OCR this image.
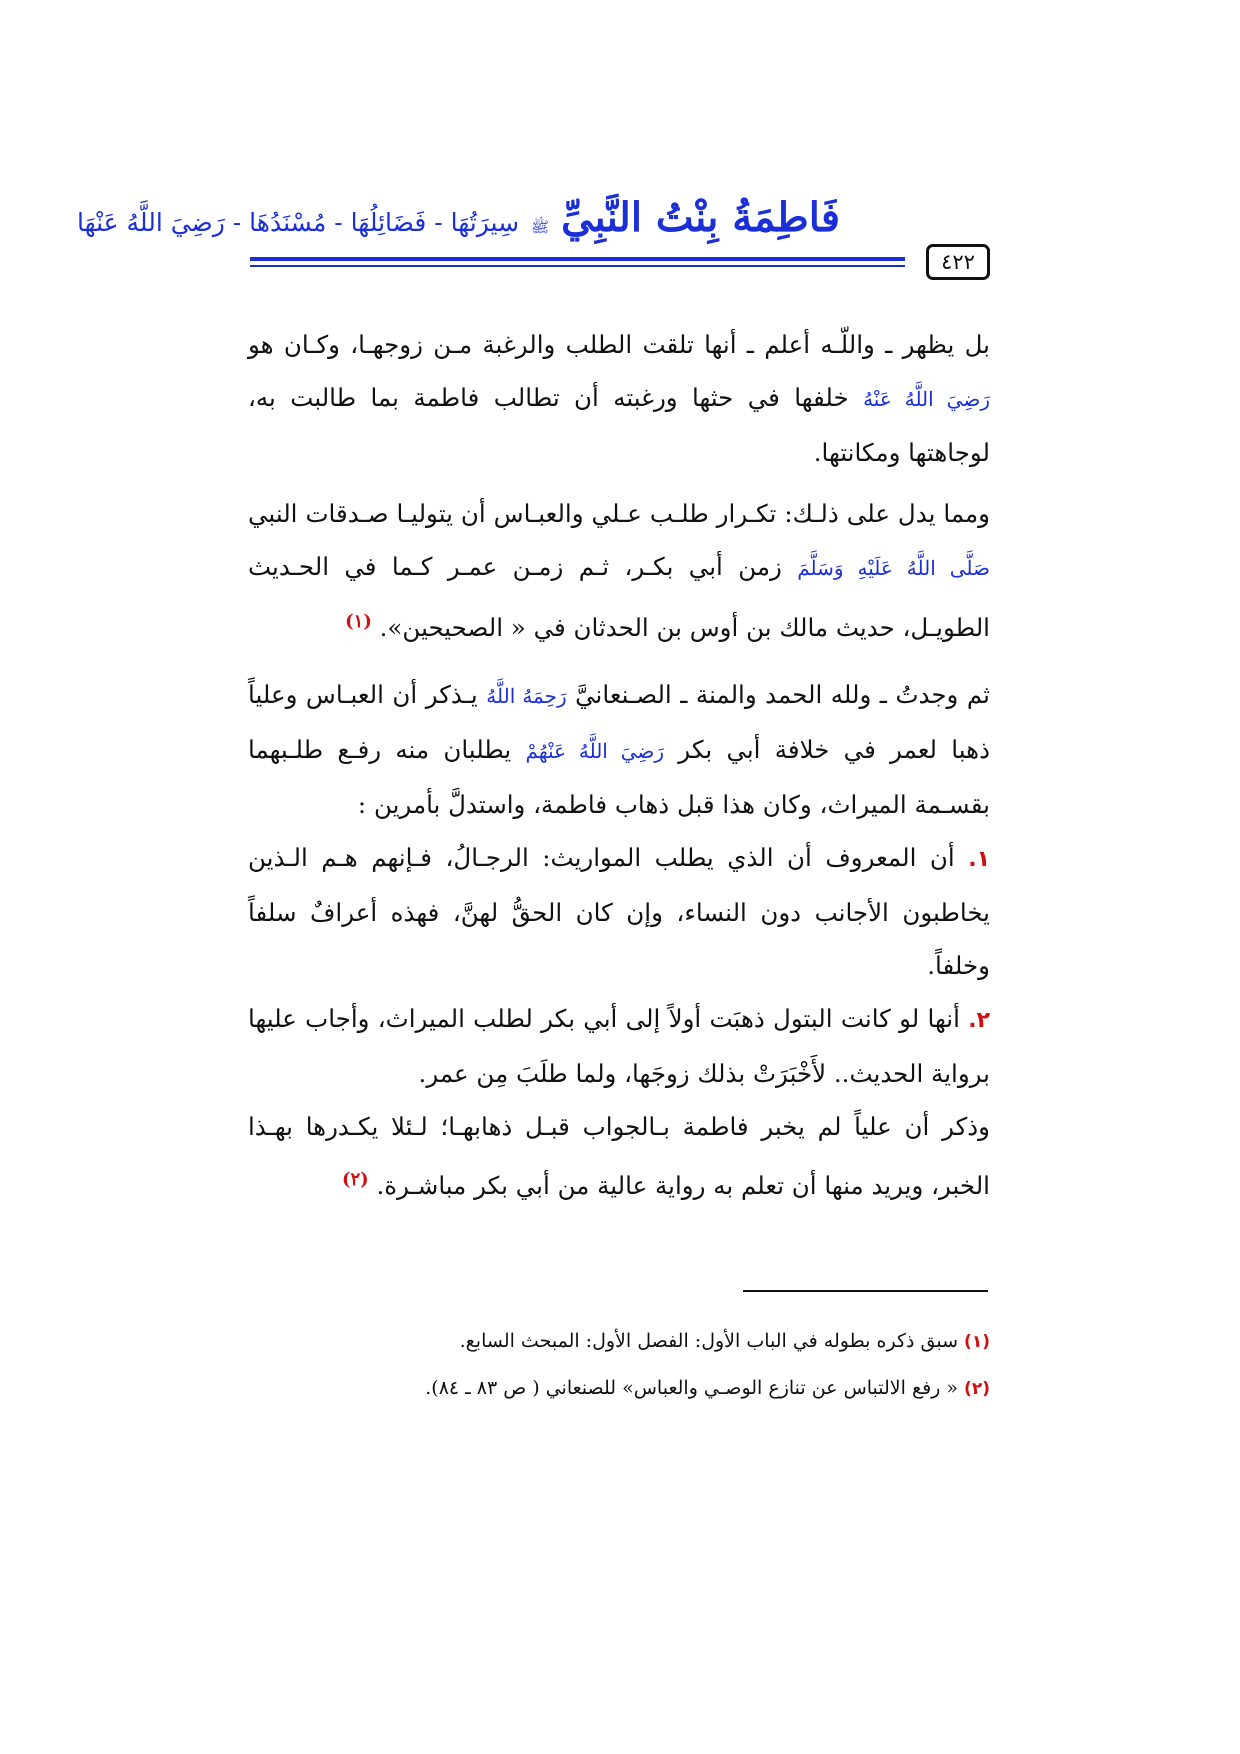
فَاطِمَةُ بِنْتُ النَّبِيِّ
ﷺ
سِيرَتُهَا - فَضَائِلُهَا - مُسْنَدُهَا - رَضِيَ اللَّهُ عَنْهَا
٤٢٢

بل يظهر ـ واللّـه أعلم ـ أنها تلقت الطلب والرغبة مـن زوجهـا، وكـان هو رَضِيَ اللَّهُ عَنْهُ خلفها في حثها ورغبته أن تطالب فاطمة بما طالبت به، لوجاهتها ومكانتها.

ومما يدل على ذلـك: تكـرار طلـب عـلي والعبـاس أن يتوليـا صـدقات النبي صَلَّى اللَّهُ عَلَيْهِ وَسَلَّمَ زمن أبي بكـر، ثـم زمـن عمـر كـما في الحـديث الطويـل، حديث مالك بن أوس بن الحدثان في « الصحيحين». $^{(١)}$

ثم وجدتُ ـ ولله الحمد والمنة ـ الصـنعانيَّ رَحِمَهُ اللَّهُ يـذكر أن العبـاس وعلياً ذهبا لعمر في خلافة أبي بكر رَضِيَ اللَّهُ عَنْهُمْ يطلبان منه رفـع طلـبهما بقسـمة الميراث، وكان هذا قبل ذهاب فاطمة، واستدلَّ بأمرين :

١. أن المعروف أن الذي يطلب المواريث: الرجـالُ، فـإنهم هـم الـذين يخاطبون الأجانب دون النساء، وإن كان الحقُّ لهنَّ، فهذه أعرافٌ سلفاً وخلفاً.

٢. أنها لو كانت البتول ذهبَت أولاً إلى أبي بكر لطلب الميراث، وأجاب عليها برواية الحديث.. لأَخْبَرَتْ بذلك زوجَها، ولما طلَبَ مِن عمر.

وذكر أن علياً لم يخبر فاطمة بـالجواب قبـل ذهابهـا؛ لـئلا يكـدرها بهـذا الخبر، ويريد منها أن تعلم به رواية عالية من أبي بكر مباشـرة. $^{(٢)}$

(١) سبق ذكره بطوله في الباب الأول: الفصل الأول: المبحث السابع.
(٢) « رفع الالتباس عن تنازع الوصـي والعباس» للصنعاني ( ص ٨٣ ـ ٨٤).
